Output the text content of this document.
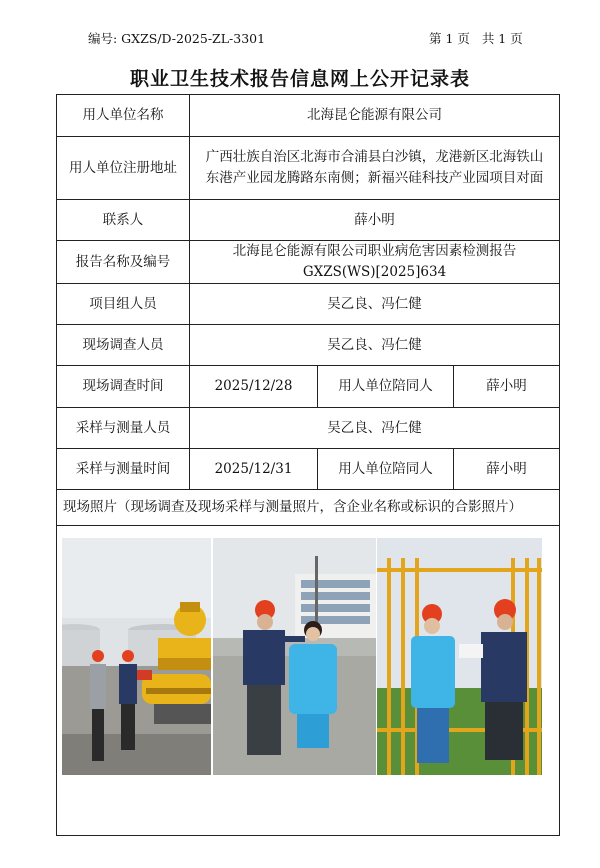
编号: GXZS/D-2025-ZL-3301	第 1 页   共 1 页
职业卫生技术报告信息网上公开记录表
用人单位名称	北海昆仑能源有限公司		
用人单位注册地址	广西壮族自治区北海市合浦县白沙镇，龙港新区北海铁山东港产业园龙腾路东南侧；新福兴硅科技产业园项目对面		
联系人	薛小明		
报告名称及编号	北海昆仑能源有限公司职业病危害因素检测报告
GXZS(WS)[2025]634		

项目组人员	吴乙良、冯仁健		
现场调查人员	吴乙良、冯仁健		
现场调查时间	2025/12/28	用人单位陪同人	薛小明
采样与测量人员	吴乙良、冯仁健		
采样与测量时间	2025/12/31	用人单位陪同人	薛小明
现场照片（现场调查及现场采样与测量照片，含企业名称或标识的合影照片）			
